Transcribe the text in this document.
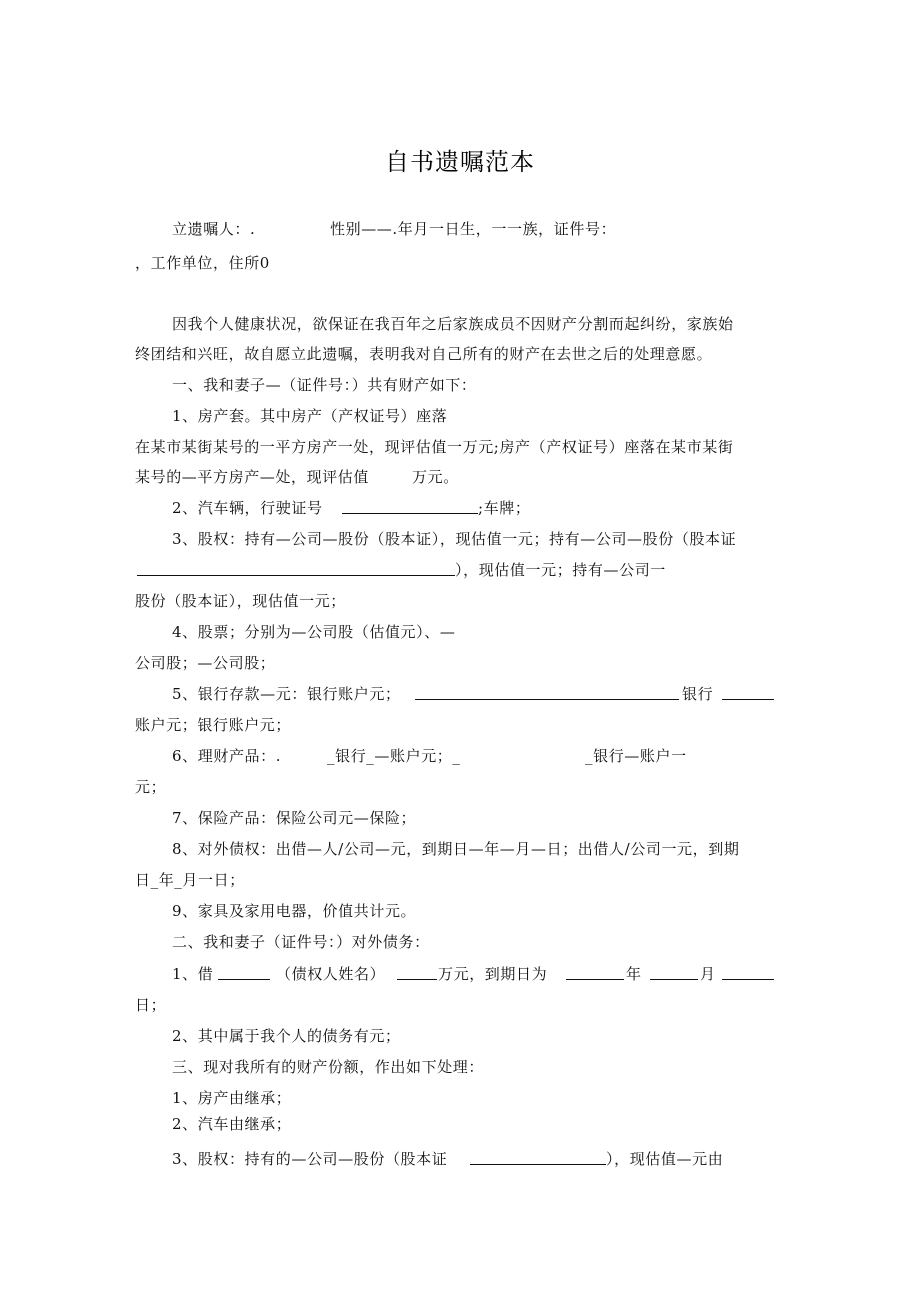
自书遗嘱范本
立遗嘱人：.	性别——.年月一日生，一一族，证件号：
，工作单位，住所0
因我个人健康状况，欲保证在我百年之后家族成员不因财产分割而起纠纷，家族始
终团结和兴旺，故自愿立此遗嘱，表明我对自己所有的财产在去世之后的处理意愿。
一、我和妻子—（证件号：）共有财产如下：
1、房产套。其中房产（产权证号）座落
在某市某街某号的一平方房产一处，现评估值一万元;房产（产权证号）座落在某市某街
某号的—平方房产—处，现评估值	万元。
2、汽车辆，行驶证号	;车牌；
3、股权：持有—公司—股份（股本证），现估值一元；持有—公司—股份（股本证
），现估值一元；持有—公司一
股份（股本证），现估值一元；
4、股票；分别为—公司股（估值元）、—
公司股；—公司股；
5、银行存款—元：银行账户元；	银行
账户元；银行账户元；
6、理财产品：.	_银行_—账户元；_	_银行—账户一
元；
7、保险产品：保险公司元—保险；
8、对外债权：出借—人/公司—元，到期日—年—月—日；出借人/公司一元，到期
日_年_月一日；
9、家具及家用电器，价值共计元。
二、我和妻子（证件号：）对外债务：
1、借	（债权人姓名）	万元，到期日为	年	月
日；
2、其中属于我个人的债务有元；
三、现对我所有的财产份额，作出如下处理：
1、房产由继承；
2、汽车由继承；
3、股权：持有的—公司—股份（股本证	），现估值—元由
